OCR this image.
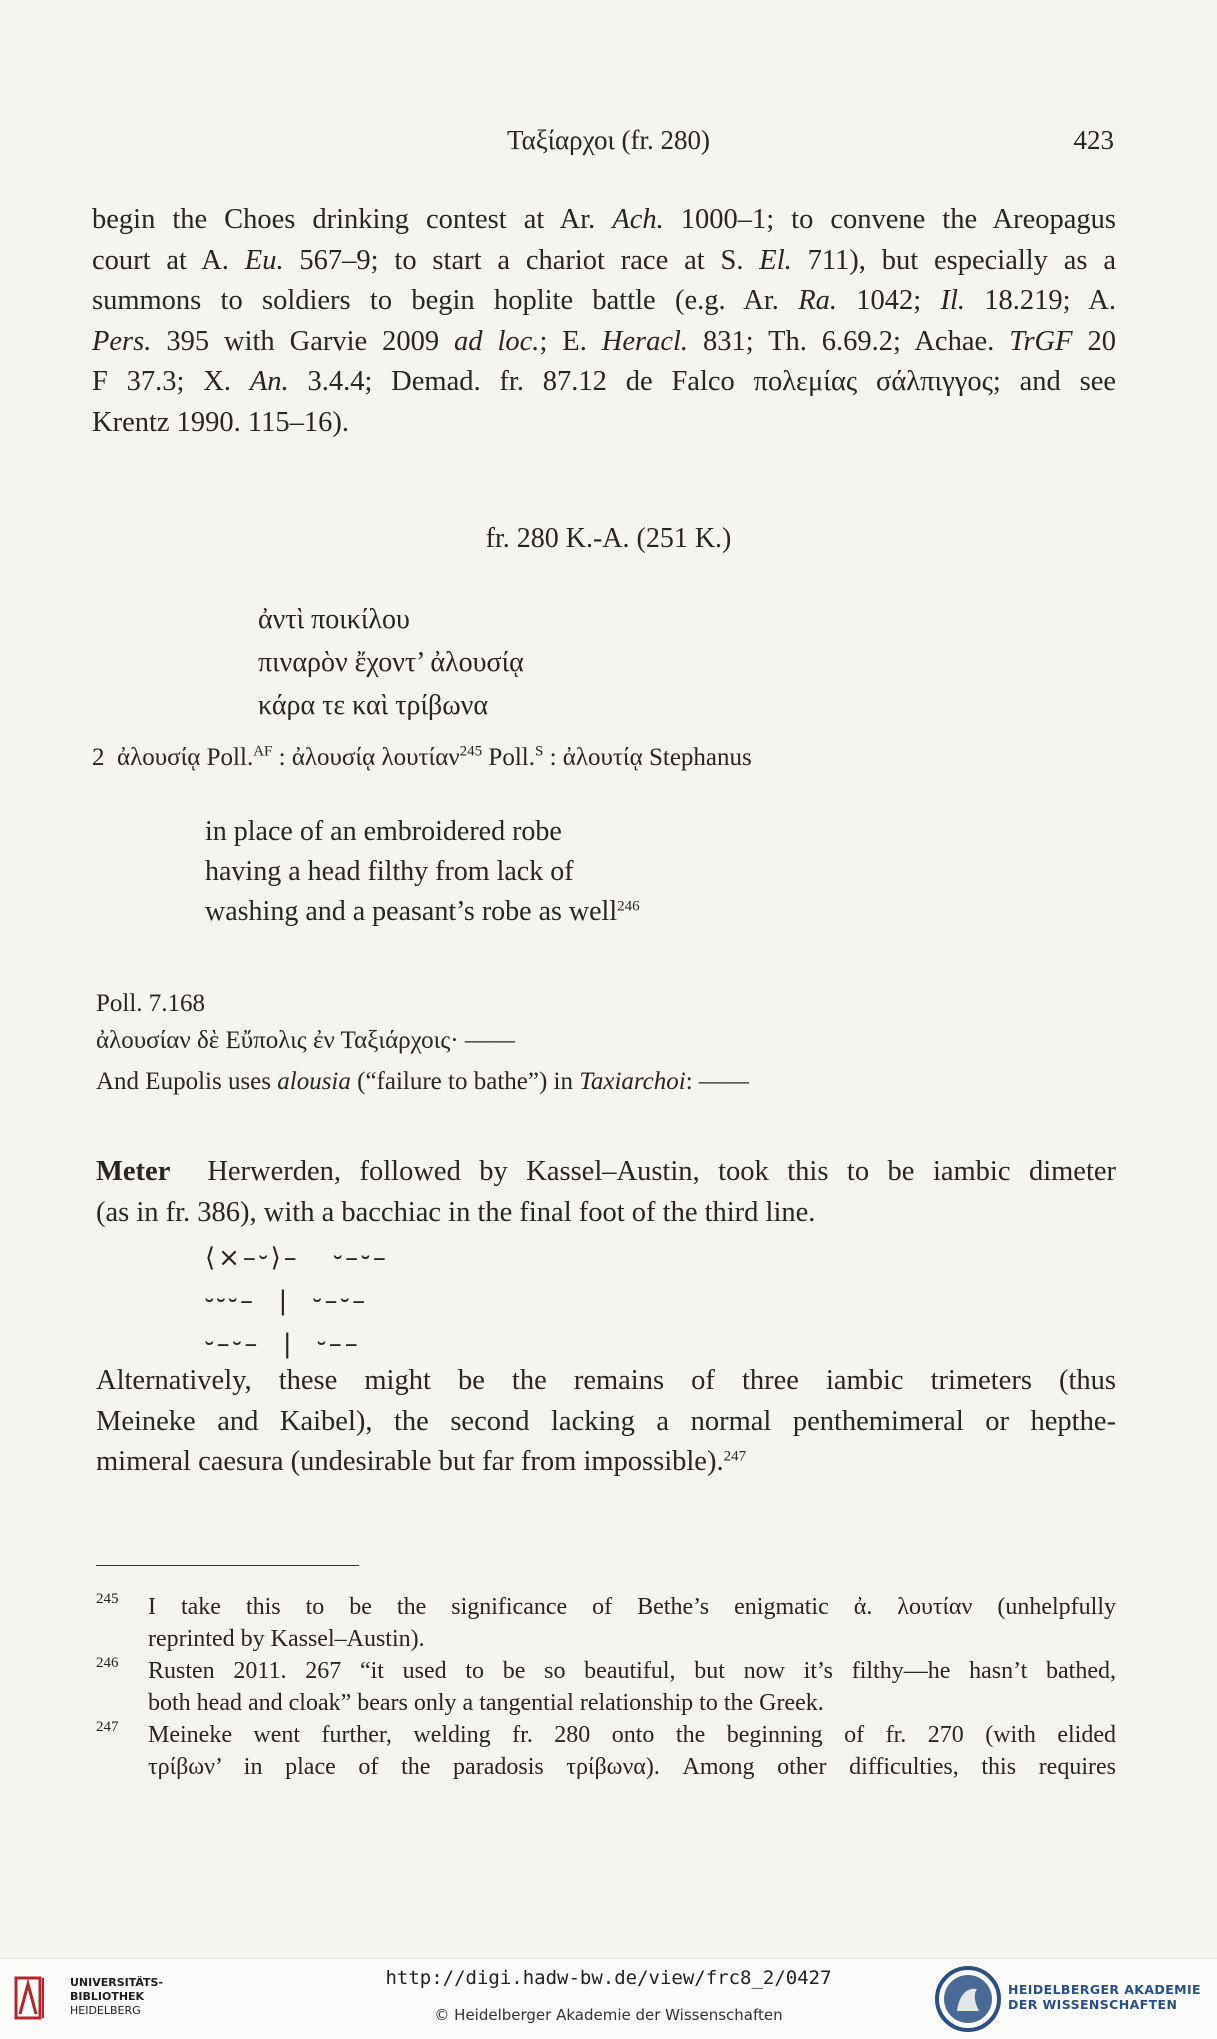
Ταξίαρχοι (fr. 280)	423
begin the Choes drinking contest at Ar. Ach. 1000–1; to convene the Areopagus
court at A. Eu. 567–9; to start a chariot race at S. El. 711), but especially as a
summons to soldiers to begin hoplite battle (e.g. Ar. Ra. 1042; Il. 18.219; A.
Pers. 395 with Garvie 2009 ad loc.; E. Heracl. 831; Th. 6.69.2; Achae. TrGF 20
F 37.3; X. An. 3.4.4; Demad. fr. 87.12 de Falco πολεμίας σάλπιγγος; and see
Krentz 1990. 115–16).
fr. 280 K.-A. (251 K.)
ἀντὶ ποικίλου
πιναρὸν ἔχοντ’ ἀλουσίᾳ
κάρα τε καὶ τρίβωνα
2 ἀλουσίᾳ Poll.$^{AF}$ : ἀλουσίᾳ λουτίαν$^{245}$ Poll.$^S$ : ἀλουτίᾳ Stephanus
in place of an embroidered robe
having a head filthy from lack of
washing and a peasant’s robe as well$^{246}$
Poll. 7.168
ἀλουσίαν δὲ Εὔπολις ἐν Ταξιάρχοις· ——
And Eupolis uses alousia (“failure to bathe”) in Taxiarchoi: ——
Meter Herwerden, followed by Kassel–Austin, took this to be iambic dimeter
(as in fr. 386), with a bacchiac in the final foot of the third line.
⟨×–⏑⟩–   ⏑–⏑–
⏑⏑⏑–  |  ⏑–⏑–
⏑–⏑–  |  ⏑––
Alternatively, these might be the remains of three iambic trimeters (thus
Meineke and Kaibel), the second lacking a normal penthemimeral or hepthe-
mimeral caesura (undesirable but far from impossible).$^{247}$
245 I take this to be the significance of Bethe’s enigmatic ἀ. λουτίαν (unhelpfully
reprinted by Kassel–Austin).
246 Rusten 2011. 267 “it used to be so beautiful, but now it’s filthy—he hasn’t bathed,
both head and cloak” bears only a tangential relationship to the Greek.
247 Meineke went further, welding fr. 280 onto the beginning of fr. 270 (with elided
τρίβων’ in place of the paradosis τρίβωνα). Among other difficulties, this requires
UNIVERSITÄTS-
BIBLIOTHEK
HEIDELBERG
http://digi.hadw-bw.de/view/frc8_2/0427
© Heidelberger Akademie der Wissenschaften
HEIDELBERGER AKADEMIE
DER WISSENSCHAFTEN
